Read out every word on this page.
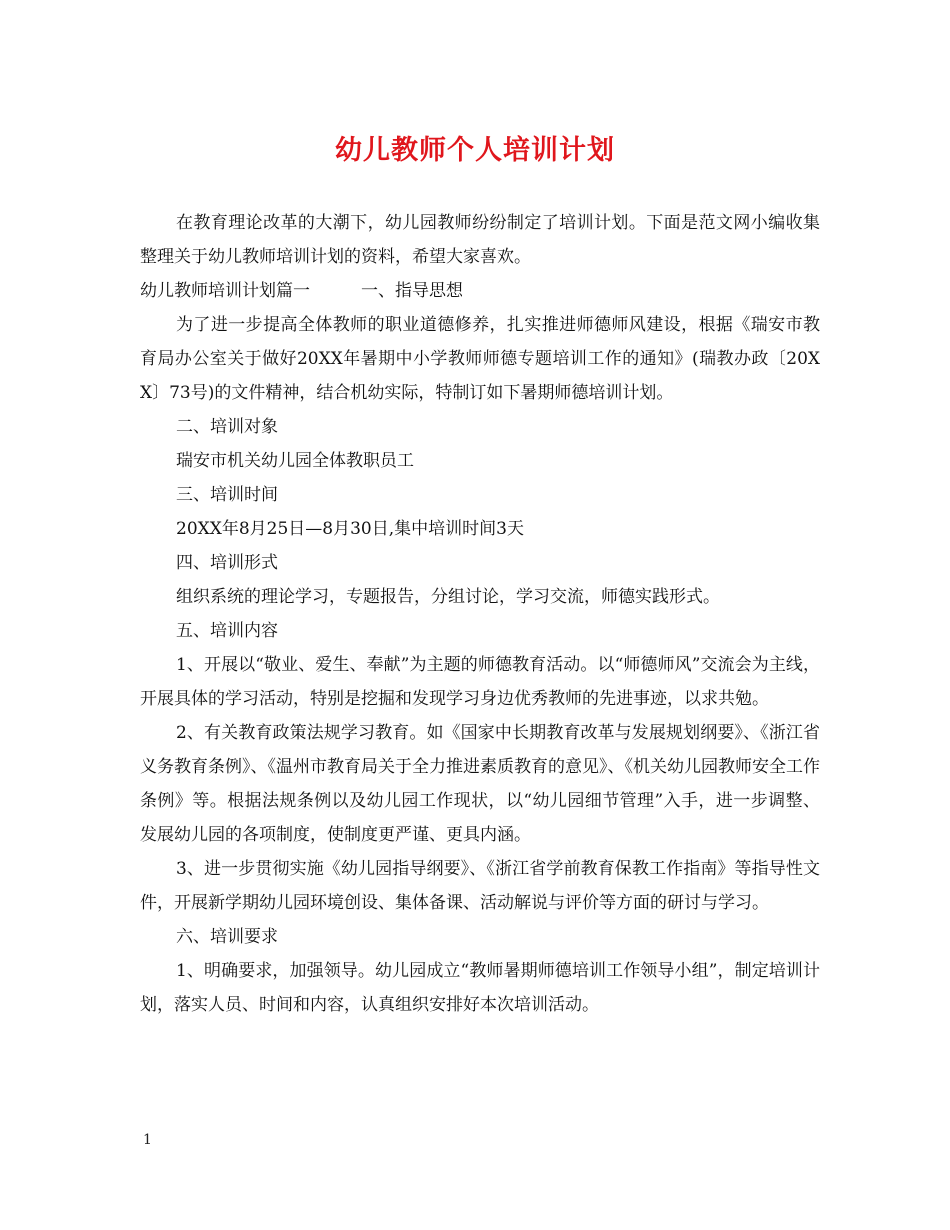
幼儿教师个人培训计划

在教育理论改革的大潮下，幼儿园教师纷纷制定了培训计划。下面是范文网小编收集整理关于幼儿教师培训计划的资料，希望大家喜欢。

幼儿教师培训计划篇一　　　一、指导思想

为了进一步提高全体教师的职业道德修养，扎实推进师德师风建设，根据《瑞安市教育局办公室关于做好20XX年暑期中小学教师师德专题培训工作的通知》(瑞教办政〔20XX〕73号)的文件精神，结合机幼实际，特制订如下暑期师德培训计划。

二、培训对象

瑞安市机关幼儿园全体教职员工

三、培训时间

20XX年8月25日—8月30日,集中培训时间3天

四、培训形式

组织系统的理论学习，专题报告，分组讨论，学习交流，师德实践形式。

五、培训内容

1、开展以“敬业、爱生、奉献”为主题的师德教育活动。以“师德师风”交流会为主线，开展具体的学习活动，特别是挖掘和发现学习身边优秀教师的先进事迹，以求共勉。

2、有关教育政策法规学习教育。如《国家中长期教育改革与发展规划纲要》、《浙江省义务教育条例》、《温州市教育局关于全力推进素质教育的意见》、《机关幼儿园教师安全工作条例》等。根据法规条例以及幼儿园工作现状，以“幼儿园细节管理”入手，进一步调整、发展幼儿园的各项制度，使制度更严谨、更具内涵。

3、进一步贯彻实施《幼儿园指导纲要》、《浙江省学前教育保教工作指南》等指导性文件，开展新学期幼儿园环境创设、集体备课、活动解说与评价等方面的研讨与学习。

六、培训要求

1、明确要求，加强领导。幼儿园成立“教师暑期师德培训工作领导小组”，制定培训计划，落实人员、时间和内容，认真组织安排好本次培训活动。

1
